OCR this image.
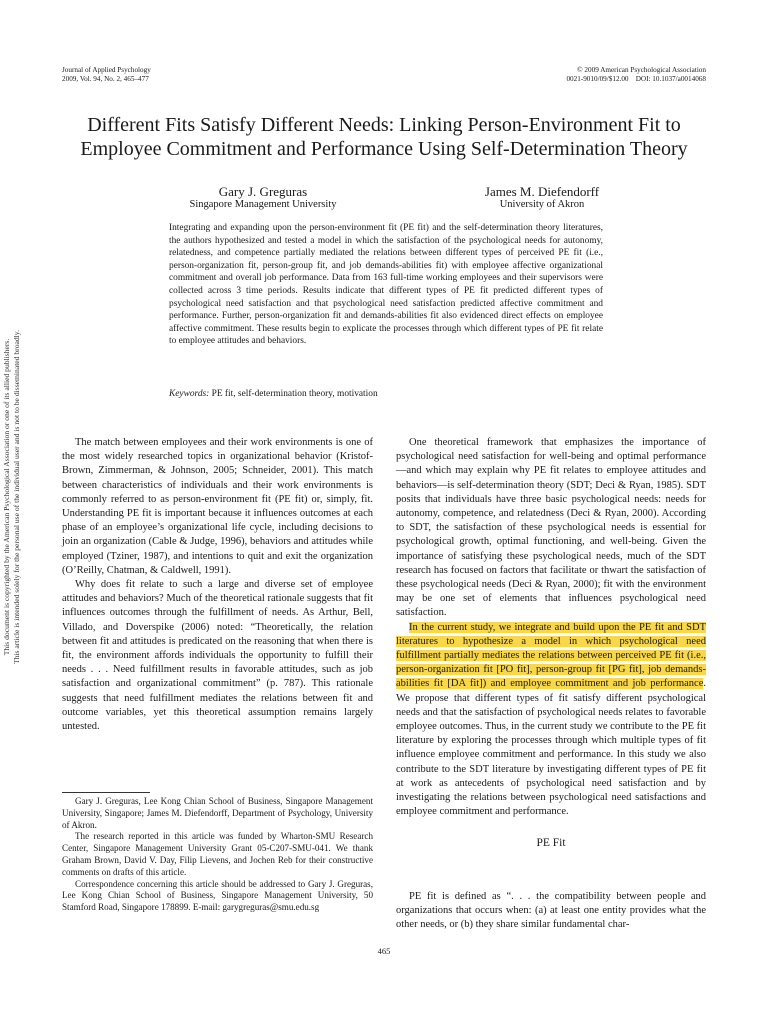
Journal of Applied Psychology
2009, Vol. 94, No. 2, 465–477
© 2009 American Psychological Association
0021-9010/09/$12.00    DOI: 10.1037/a0014068
Different Fits Satisfy Different Needs: Linking Person-Environment Fit to
Employee Commitment and Performance Using Self-Determination Theory
Gary J. Greguras
Singapore Management University
James M. Diefendorff
University of Akron
Integrating and expanding upon the person-environment fit (PE fit) and the self-determination theory literatures, the authors hypothesized and tested a model in which the satisfaction of the psychological needs for autonomy, relatedness, and competence partially mediated the relations between different types of perceived PE fit (i.e., person-organization fit, person-group fit, and job demands-abilities fit) with employee affective organizational commitment and overall job performance. Data from 163 full-time working employees and their supervisors were collected across 3 time periods. Results indicate that different types of PE fit predicted different types of psychological need satisfaction and that psychological need satisfaction predicted affective commitment and performance. Further, person-organization fit and demands-abilities fit also evidenced direct effects on employee affective commitment. These results begin to explicate the processes through which different types of PE fit relate to employee attitudes and behaviors.
Keywords: PE fit, self-determination theory, motivation

The match between employees and their work environments is one of the most widely researched topics in organizational behavior (Kristof-Brown, Zimmerman, & Johnson, 2005; Schneider, 2001). This match between characteristics of individuals and their work environments is commonly referred to as person-environment fit (PE fit) or, simply, fit. Understanding PE fit is important because it influences outcomes at each phase of an employee’s organizational life cycle, including decisions to join an organization (Cable & Judge, 1996), behaviors and attitudes while employed (Tziner, 1987), and intentions to quit and exit the organization (O’Reilly, Chatman, & Caldwell, 1991).

Why does fit relate to such a large and diverse set of employee attitudes and behaviors? Much of the theoretical rationale suggests that fit influences outcomes through the fulfillment of needs. As Arthur, Bell, Villado, and Doverspike (2006) noted: “Theoretically, the relation between fit and attitudes is predicated on the reasoning that when there is fit, the environment affords individuals the opportunity to fulfill their needs . . . Need fulfillment results in favorable attitudes, such as job satisfaction and organizational commitment” (p. 787). This rationale suggests that need fulfillment mediates the relations between fit and outcome variables, yet this theoretical assumption remains largely untested.

Gary J. Greguras, Lee Kong Chian School of Business, Singapore Management University, Singapore; James M. Diefendorff, Department of Psychology, University of Akron.

The research reported in this article was funded by Wharton-SMU Research Center, Singapore Management University Grant 05-C207-SMU-041. We thank Graham Brown, David V. Day, Filip Lievens, and Jochen Reb for their constructive comments on drafts of this article.

Correspondence concerning this article should be addressed to Gary J. Greguras, Lee Kong Chian School of Business, Singapore Management University, 50 Stamford Road, Singapore 178899. E-mail: garygreguras@smu.edu.sg

One theoretical framework that emphasizes the importance of psychological need satisfaction for well-being and optimal performance—and which may explain why PE fit relates to employee attitudes and behaviors—is self-determination theory (SDT; Deci & Ryan, 1985). SDT posits that individuals have three basic psychological needs: needs for autonomy, competence, and relatedness (Deci & Ryan, 2000). According to SDT, the satisfaction of these psychological needs is essential for psychological growth, optimal functioning, and well-being. Given the importance of satisfying these psychological needs, much of the SDT research has focused on factors that facilitate or thwart the satisfaction of these psychological needs (Deci & Ryan, 2000); fit with the environment may be one set of elements that influences psychological need satisfaction.

In the current study, we integrate and build upon the PE fit and SDT literatures to hypothesize a model in which psychological need fulfillment partially mediates the relations between perceived PE fit (i.e., person-organization fit [PO fit], person-group fit [PG fit], job demands-abilities fit [DA fit]) and employee commitment and job performance. We propose that different types of fit satisfy different psychological needs and that the satisfaction of psychological needs relates to favorable employee outcomes. Thus, in the current study we contribute to the PE fit literature by exploring the processes through which multiple types of fit influence employee commitment and performance. In this study we also contribute to the SDT literature by investigating different types of PE fit at work as antecedents of psychological need satisfaction and by investigating the relations between psychological need satisfactions and employee commitment and performance.

PE Fit

PE fit is defined as “. . . the compatibility between people and organizations that occurs when: (a) at least one entity provides what the other needs, or (b) they share similar fundamental char-

465
This document is copyrighted by the American Psychological Association or one of its allied publishers. This article is intended solely for the personal use of the individual user and is not to be disseminated broadly.
